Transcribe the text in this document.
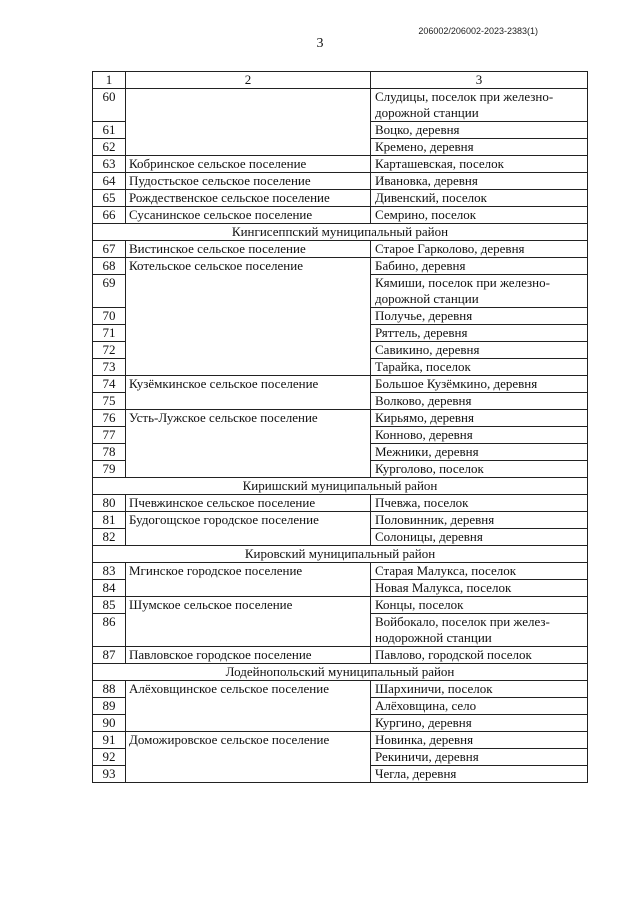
206002/206002-2023-2383(1)
3
1	2	3
60		Слудицы, поселок при железно-дорожной станции
61		Воцко, деревня
62		Кремено, деревня
63	Кобринское сельское поселение	Карташевская, поселок
64	Пудостьское сельское поселение	Ивановка, деревня
65	Рождественское сельское поселение	Дивенский, поселок
66	Сусанинское сельское поселение	Семрино, поселок
Кингисеппский муниципальный район		
67	Вистинское сельское поселение	Старое Гарколово, деревня
68	Котельское сельское поселение	Бабино, деревня
69		Кямиши, поселок при железно-дорожной станции
70		Получье, деревня
71		Ряттель, деревня
72		Савикино, деревня
73		Тарайка, поселок
74	Кузёмкинское сельское поселение	Большое Кузёмкино, деревня
75		Волково, деревня
76	Усть-Лужское сельское поселение	Кирьямо, деревня
77		Конново, деревня
78		Межники, деревня
79		Курголово, поселок
Киришский муниципальный район		
80	Пчевжинское сельское поселение	Пчевжа, поселок
81	Будогощское городское поселение	Половинник, деревня
82		Солоницы, деревня
Кировский муниципальный район		
83	Мгинское городское поселение	Старая Малукса, поселок
84		Новая Малукса, поселок
85	Шумское сельское поселение	Концы, поселок
86		Войбокало, поселок при желез-нодорожной станции
87	Павловское городское поселение	Павлово, городской поселок
Лодейнопольский муниципальный район		
88	Алёховщинское сельское поселение	Шархиничи, поселок
89		Алёховщина, село
90		Кургино, деревня
91	Доможировское сельское поселение	Новинка, деревня
92		Рекиничи, деревня
93		Чегла, деревня
